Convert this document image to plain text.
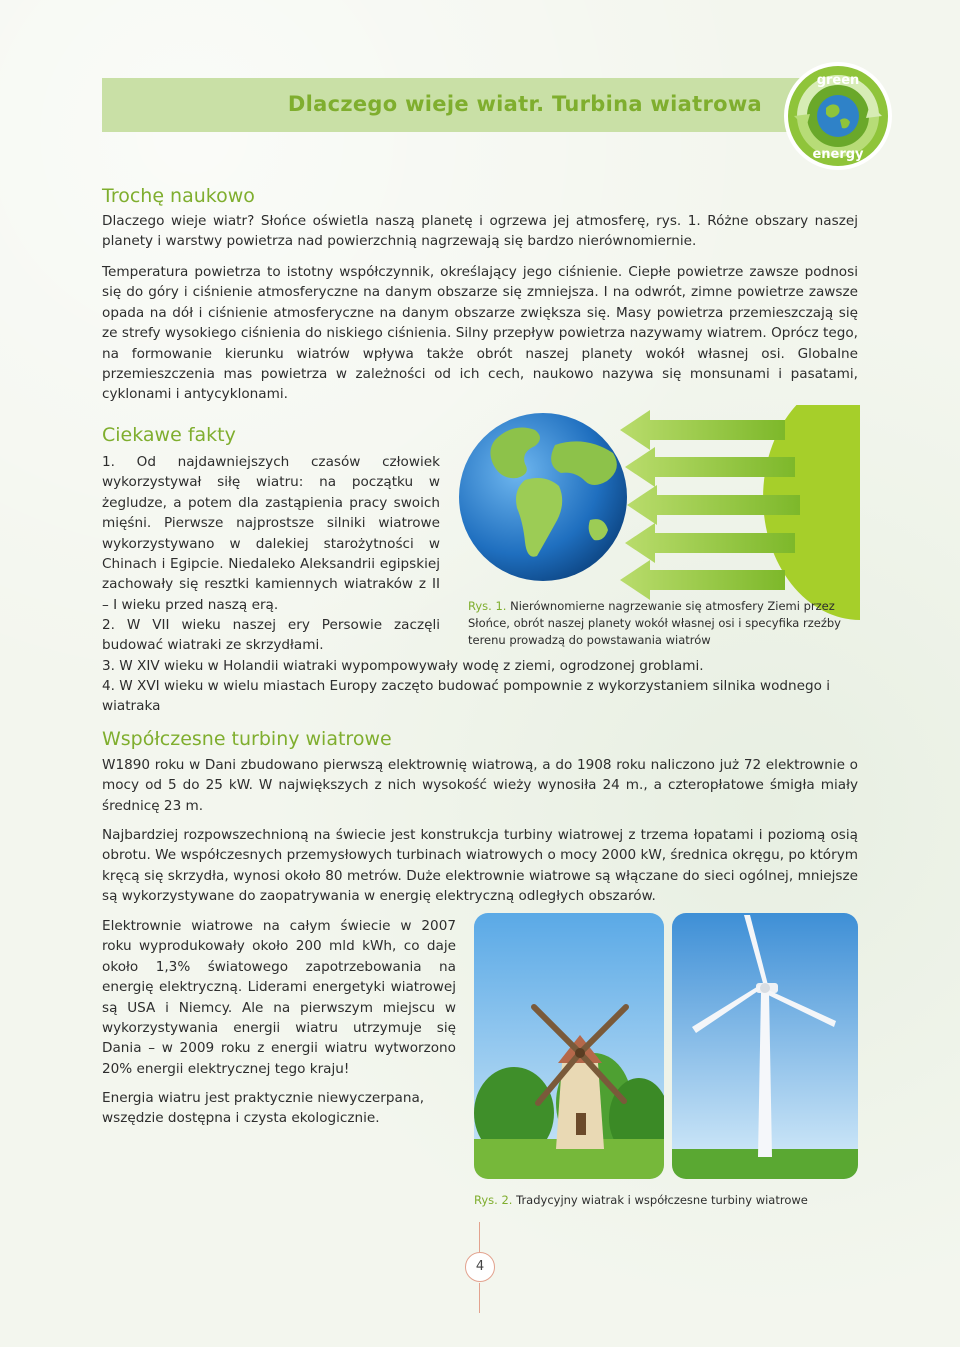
Dlaczego wieje wiatr. Turbina wiatrowa
green
energy
Trochę naukowo

Dlaczego wieje wiatr? Słońce oświetla naszą planetę i ogrzewa jej atmosferę, rys. 1. Różne obszary naszej planety i warstwy powietrza nad powierzchnią nagrzewają się bardzo nierównomiernie.

Temperatura powietrza to istotny współczynnik, określający jego ciśnienie. Ciepłe powietrze zawsze podnosi się do góry i ciśnienie atmosferyczne na danym obszarze się zmniejsza. I na odwrót, zimne powietrze zawsze opada na dół i ciśnienie atmosferyczne na danym obszarze zwiększa się. Masy powietrza przemieszczają się ze strefy wysokiego ciśnienia do niskiego ciśnienia. Silny przepływ powietrza nazywamy wiatrem. Oprócz tego, na formowanie kierunku wiatrów wpływa także obrót naszej planety wokół własnej osi. Globalne przemieszczenia mas powietrza w zależności od ich cech, naukowo nazywa się monsunami i pasatami, cyklonami i antycyklonami.

Ciekawe fakty

1. Od najdawniejszych czasów człowiek wykorzystywał siłę wiatru: na początku w żegludze, a potem dla zastąpienia pracy swoich mięśni. Pierwsze najprostsze silniki wiatrowe wykorzystywano w dalekiej starożytności w Chinach i Egipcie. Niedaleko Aleksandrii egipskiej zachowały się resztki kamiennych wiatraków z II – I wieku przed naszą erą.

2. W VII wieku naszej ery Persowie zaczęli budować wiatraki ze skrzydłami.

Rys. 1. Nierównomierne nagrzewanie się atmosfery Ziemi przez Słońce, obrót naszej planety wokół własnej osi i specyfika rzeźby terenu prowadzą do powstawania wiatrów

3. W XIV wieku w Holandii wiatraki wypompowywały wodę z ziemi, ogrodzonej groblami.

4. W XVI wieku w wielu miastach Europy zaczęto budować pompownie z wykorzystaniem silnika wodnego i wiatraka

Współczesne turbiny wiatrowe

W1890 roku w Dani zbudowano pierwszą elektrownię wiatrową, a do 1908 roku naliczono już 72 elektrownie o mocy od 5 do 25 kW. W największych z nich wysokość wieży wynosiła 24 m., a czteropłatowe śmigła miały średnicę 23 m.

Najbardziej rozpowszechnioną na świecie jest konstrukcja turbiny wiatrowej z trzema łopatami i poziomą osią obrotu. We współczesnych przemysłowych turbinach wiatrowych o mocy 2000 kW, średnica okręgu, po którym kręcą się skrzydła, wynosi około 80 metrów. Duże elektrownie wiatrowe są włączane do sieci ogólnej, mniejsze są wykorzystywane do zaopatrywania w energię elektryczną odległych obszarów.

Elektrownie wiatrowe na całym świecie w 2007 roku wyprodukowały około 200 mld kWh, co daje około 1,3% światowego zapotrzebowania na energię elektryczną. Liderami energetyki wiatrowej są USA i Niemcy. Ale na pierwszym miejscu w wykorzystywania energii wiatru utrzymuje się Dania – w 2009 roku z energii wiatru wytworzono 20% energii elektrycznej tego kraju!

Energia wiatru jest praktycznie niewyczerpana, wszędzie dostępna i czysta ekologicznie.

Rys. 2. Tradycyjny wiatrak i współczesne turbiny wiatrowe

4
